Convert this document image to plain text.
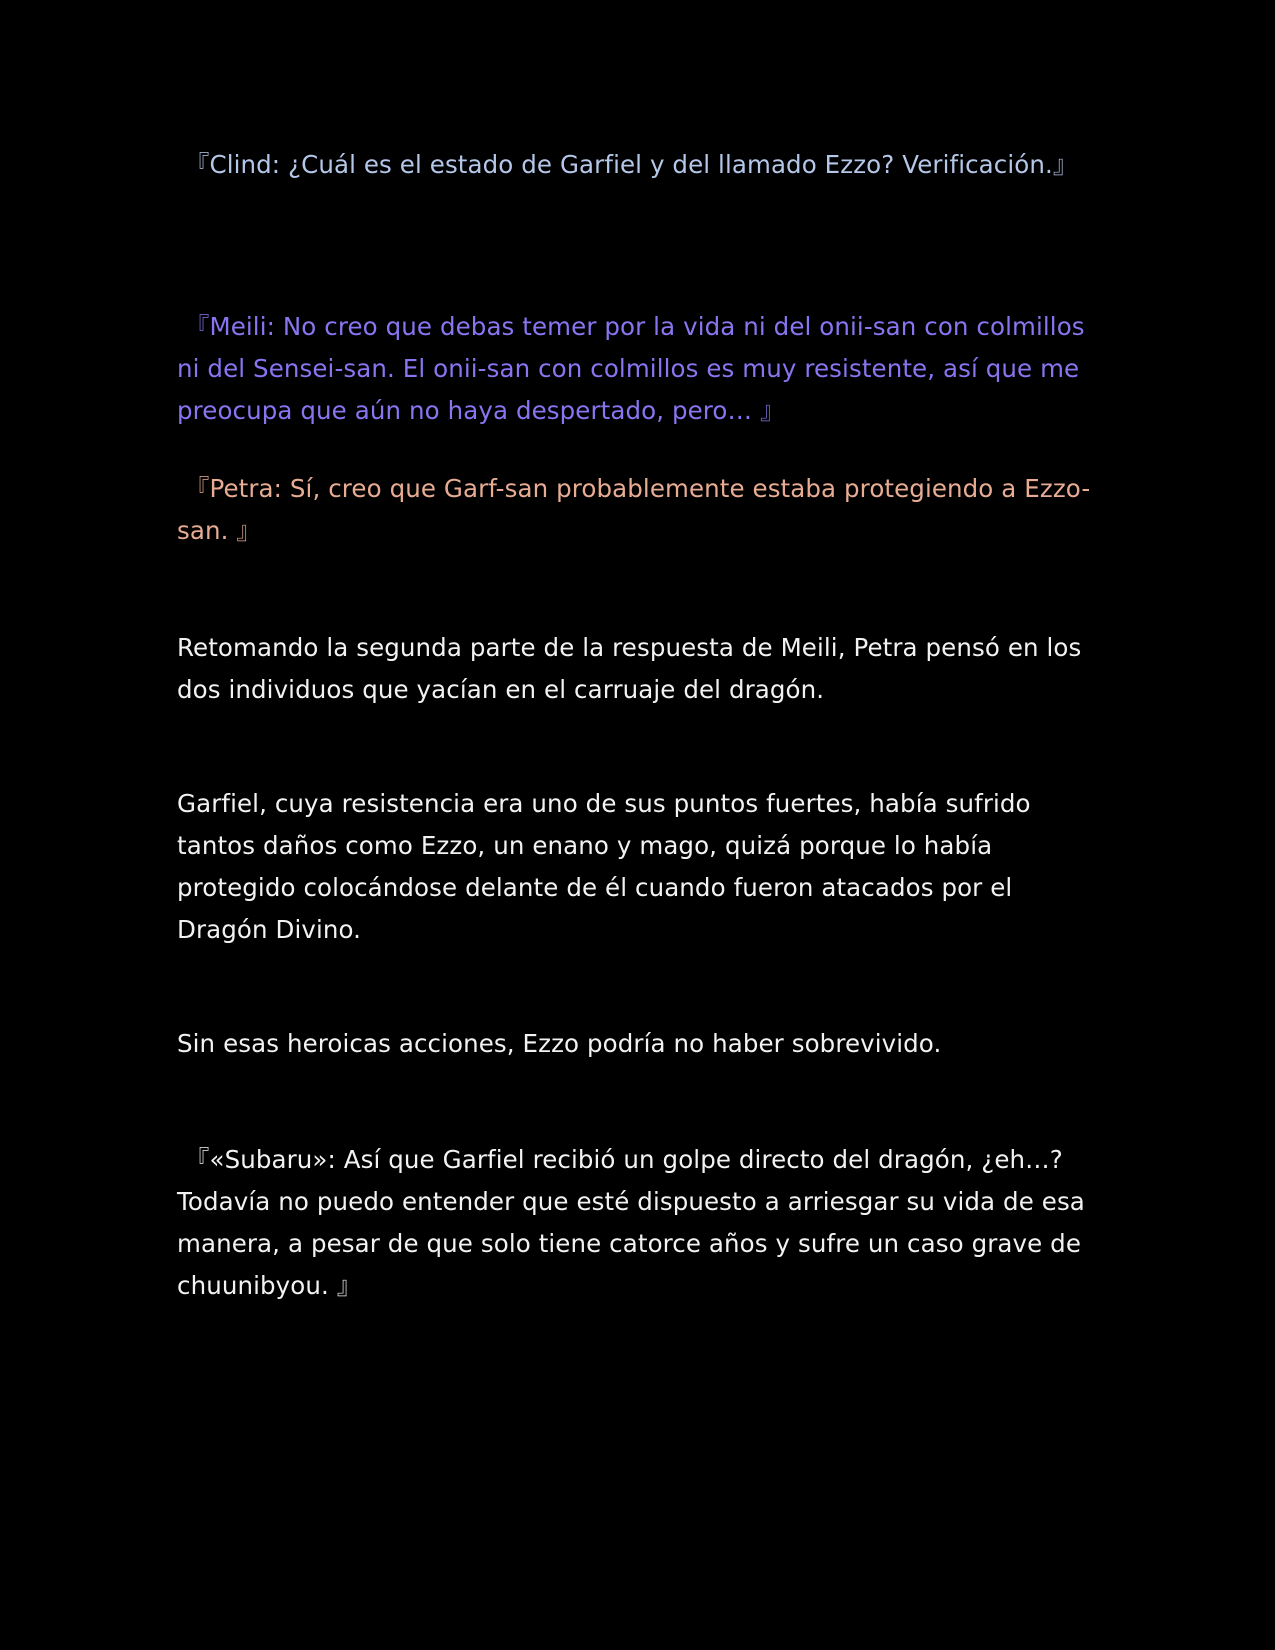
『Clind: ¿Cuál es el estado de Garfiel y del llamado Ezzo? Verificación.』

『Meili: No creo que debas temer por la vida ni del onii-san con colmillos ni del Sensei-san. El onii-san con colmillos es muy resistente, así que me preocupa que aún no haya despertado, pero… 』

『Petra: Sí, creo que Garf-san probablemente estaba protegiendo a Ezzo-san. 』

Retomando la segunda parte de la respuesta de Meili, Petra pensó en los dos individuos que yacían en el carruaje del dragón.

Garfiel, cuya resistencia era uno de sus puntos fuertes, había sufrido tantos daños como Ezzo, un enano y mago, quizá porque lo había protegido colocándose delante de él cuando fueron atacados por el Dragón Divino.

Sin esas heroicas acciones, Ezzo podría no haber sobrevivido.

『«Subaru»: Así que Garfiel recibió un golpe directo del dragón, ¿eh…? Todavía no puedo entender que esté dispuesto a arriesgar su vida de esa manera, a pesar de que solo tiene catorce años y sufre un caso grave de chuunibyou. 』
